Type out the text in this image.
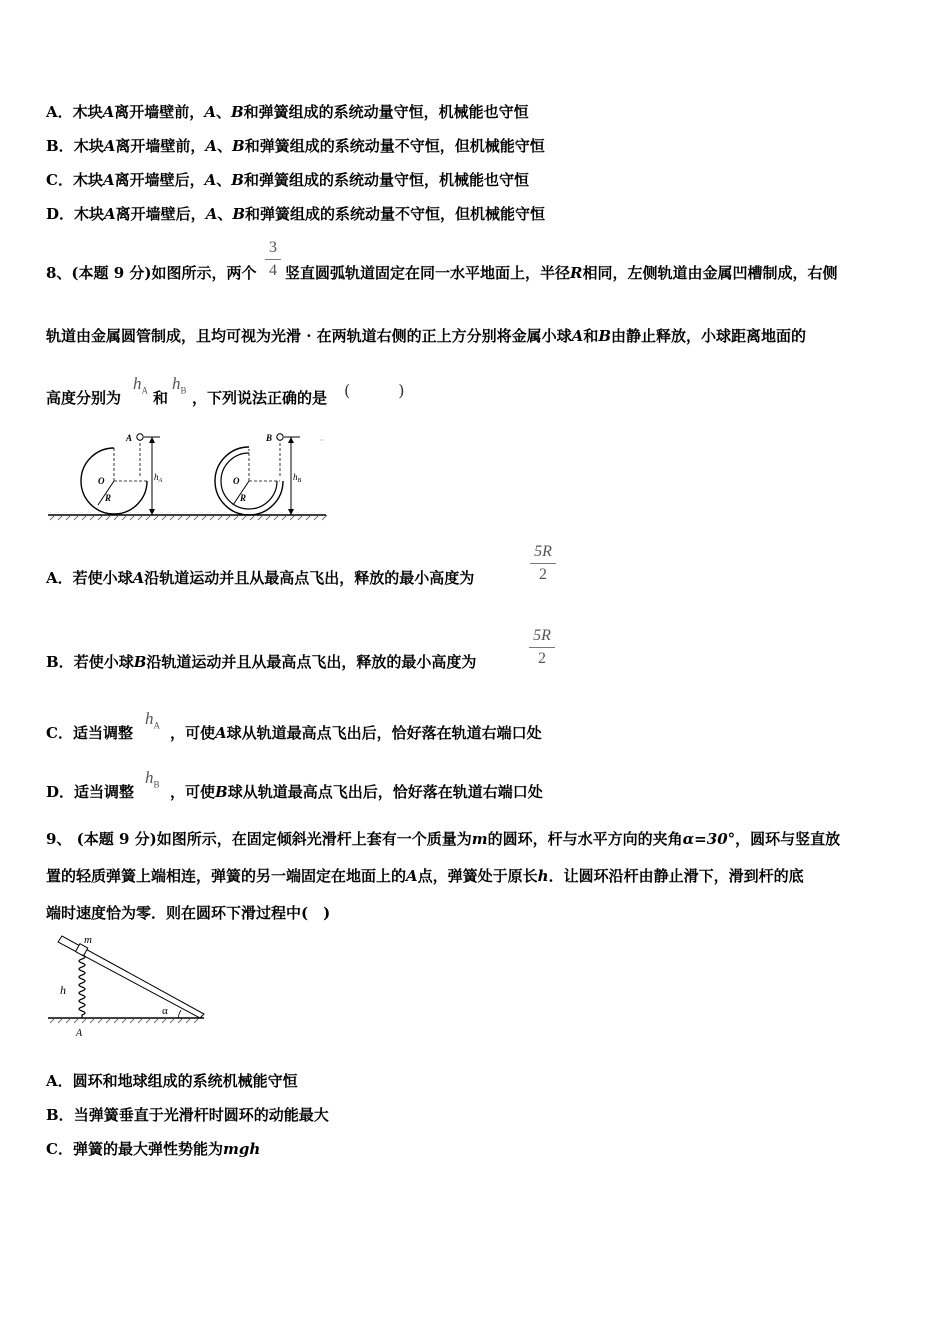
A．木块A离开墙壁前，A、B和弹簧组成的系统动量守恒，机械能也守恒
B．木块A离开墙壁前，A、B和弹簧组成的系统动量不守恒，但机械能守恒
C．木块A离开墙壁后，A、B和弹簧组成的系统动量守恒，机械能也守恒
D．木块A离开墙壁后，A、B和弹簧组成的系统动量不守恒，但机械能守恒
8、(本题 9 分)如图所示，两个
3
4 竖直圆弧轨道固定在同一水平地面上，半径R相同，左侧轨道由金属凹槽制成，右侧
轨道由金属圆管制成，且均可视为光滑 · 在两轨道右侧的正上方分别将金属小球A和B由静止释放，小球距离地面的
高度分别为
$h_A$ 和
$h_B$ ，下列说法正确的是 (　　　)
A
O
R
$h_A$
B
O
R
$h_B$
A．若使小球A沿轨道运动并且从最高点飞出，释放的最小高度为
5R
2
B．若使小球B沿轨道运动并且从最高点飞出，释放的最小高度为
5R
2
C．适当调整
$h_A$ ，可使A球从轨道最高点飞出后，恰好落在轨道右端口处
D．适当调整
$h_B$ ，可使B球从轨道最高点飞出后，恰好落在轨道右端口处
9、 (本题 9 分)如图所示，在固定倾斜光滑杆上套有一个质量为m的圆环，杆与水平方向的夹角α=30°，圆环与竖直放
置的轻质弹簧上端相连，弹簧的另一端固定在地面上的A点，弹簧处于原长h．让圆环沿杆由静止滑下，滑到杆的底
端时速度恰为零．则在圆环下滑过程中(　)
m
h
α
A
A．圆环和地球组成的系统机械能守恒
B．当弹簧垂直于光滑杆时圆环的动能最大
C．弹簧的最大弹性势能为mgh
